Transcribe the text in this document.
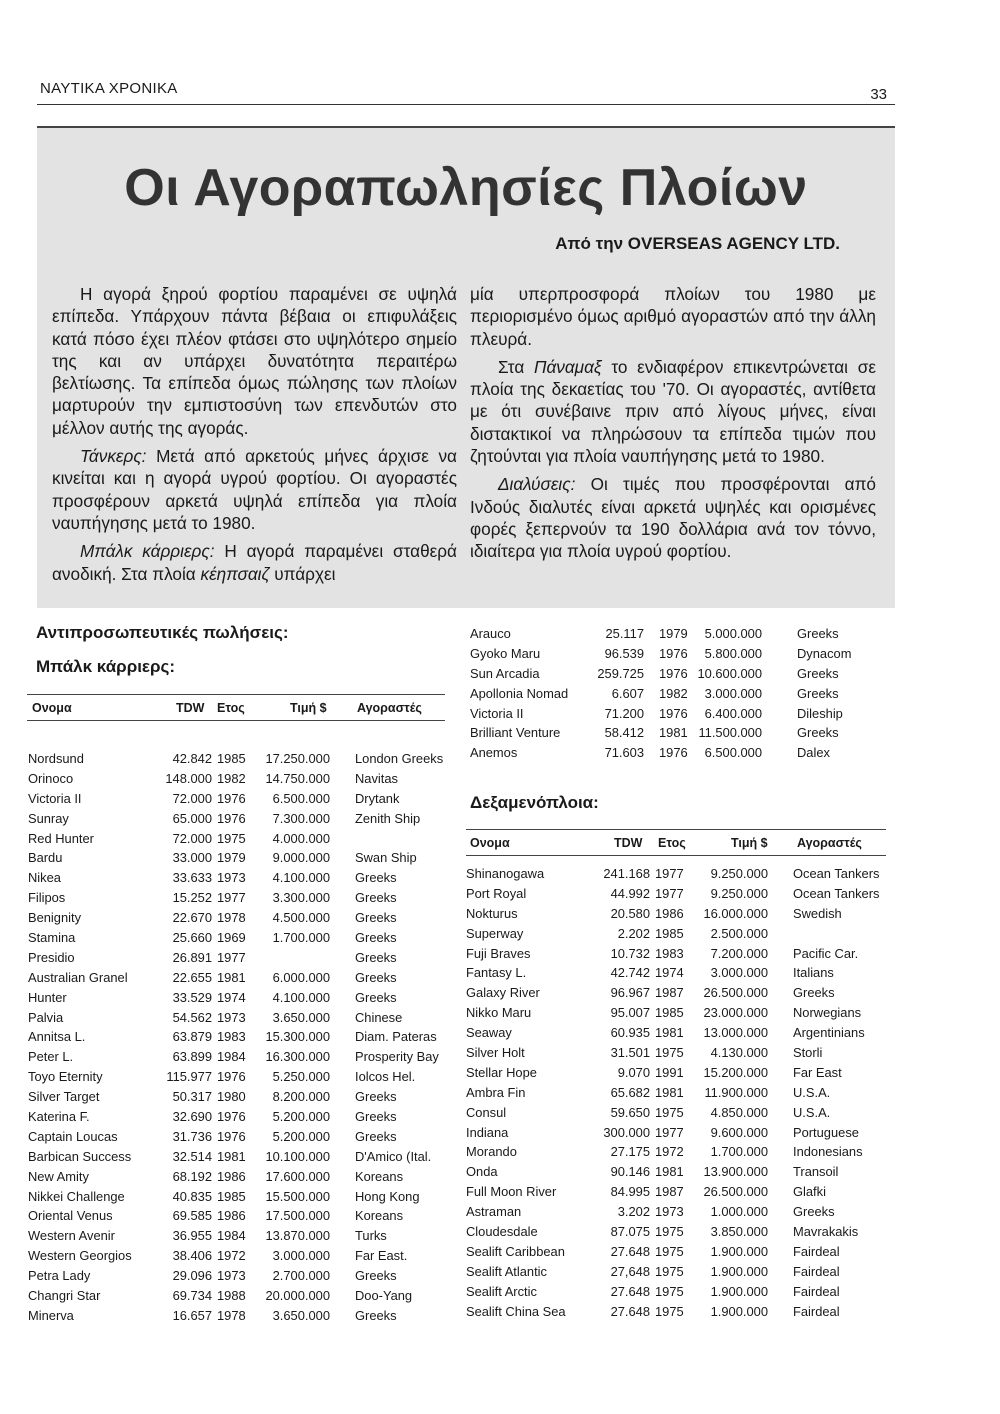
ΝΑΥΤΙΚΑ ΧΡΟΝΙΚΑ	33
Οι Αγοραπωλησίες Πλοίων
Από την OVERSEAS AGENCY LTD.

Η αγορά ξηρού φορτίου παραμένει σε υψηλά επίπεδα. Υπάρχουν πάντα βέβαια οι επιφυλάξεις κατά πόσο έχει πλέον φτάσει στο υψηλότερο σημείο της και αν υπάρχει δυνατότητα περαιτέρω βελτίωσης. Τα επίπεδα όμως πώλησης των πλοίων μαρτυρούν την εμπιστοσύνη των επενδυτών στο μέλλον αυτής της αγοράς.

Τάνκερς: Μετά από αρκετούς μήνες άρχισε να κινείται και η αγορά υγρού φορτίου. Οι αγοραστές προσφέρουν αρκετά υψηλά επίπεδα για πλοία ναυπήγησης μετά το 1980.

Μπάλκ κάρριερς: Η αγορά παραμένει σταθερά ανοδική. Στα πλοία κέηπσαιζ υπάρχει

μία υπερπροσφορά πλοίων του 1980 με περιορισμένο όμως αριθμό αγοραστών από την άλλη πλευρά.

Στα Πάναμαξ το ενδιαφέρον επικεντρώνεται σε πλοία της δεκαετίας του '70. Οι αγοραστές, αντίθετα με ότι συνέβαινε πριν από λίγους μήνες, είναι διστακτικοί να πληρώσουν τα επίπεδα τιμών που ζητούνται για πλοία ναυπήγησης μετά το 1980.

Διαλύσεις: Οι τιμές που προσφέρονται από Ινδούς διαλυτές είναι αρκετά υψηλές και ορισμένες φορές ξεπερνούν τα 190 δολλάρια ανά τον τόννο, ιδιαίτερα για πλοία υγρού φορτίου.

Αντιπροσωπευτικές πωλήσεις:
Μπάλκ κάρριερς:
Ονομα	TDW Ετος	Τιμή $ Αγοραστές
Nordsund	42.842 1985 17.250.000 London Greeks
Orinoco	148.000 1982 14.750.000 Navitas
Victoria II	72.000 1976 6.500.000 Drytank
Sunray	65.000 1976 7.300.000 Zenith Ship
Red Hunter	72.000 1975 4.000.000
Bardu	33.000 1979 9.000.000 Swan Ship
Nikea	33.633 1973 4.100.000 Greeks
Filipos	15.252 1977 3.300.000 Greeks
Benignity	22.670 1978 4.500.000 Greeks
Stamina	25.660 1969 1.700.000 Greeks
Presidio	26.891 1977	Greeks
Australian Granel	22.655 1981 6.000.000 Greeks
Hunter	33.529 1974 4.100.000 Greeks
Palvia	54.562 1973 3.650.000 Chinese
Annitsa L.	63.879 1983 15.300.000 Diam. Pateras
Peter L.	63.899 1984 16.300.000 Prosperity Bay
Toyo Eternity	115.977 1976 5.250.000 Iolcos Hel.
Silver Target	50.317 1980 8.200.000 Greeks
Katerina F.	32.690 1976 5.200.000 Greeks
Captain Loucas	31.736 1976 5.200.000 Greeks
Barbican Success	32.514 1981 10.100.000 D'Amico (Ital.
New Amity	68.192 1986 17.600.000 Koreans
Nikkei Challenge	40.835 1985 15.500.000 Hong Kong
Oriental Venus	69.585 1986 17.500.000 Koreans
Western Avenir	36.955 1984 13.870.000 Turks
Western Georgios	38.406 1972 3.000.000 Far East.
Petra Lady	29.096 1973 2.700.000 Greeks
Changri Star	69.734 1988 20.000.000 Doo-Yang
Minerva	16.657 1978 3.650.000 Greeks
Arauco	25.117 1979 5.000.000	Greeks
Gyoko Maru	96.539 1976 5.800.000	Dynacom
Sun Arcadia	259.725 1976 10.600.000	Greeks
Apollonia Nomad	6.607 1982 3.000.000	Greeks
Victoria II	71.200 1976 6.400.000	Dileship
Brilliant Venture	58.412 1981 11.500.000	Greeks
Anemos	71.603 1976 6.500.000	Dalex
Δεξαμενόπλοια:
Ονομα	TDW Ετος	Τιμή $ Αγοραστές
Shinanogawa	241.168 1977 9.250.000 Ocean Tankers
Port Royal	44.992 1977 9.250.000 Ocean Tankers
Nokturus	20.580 1986 16.000.000 Swedish
Superway	2.202 1985 2.500.000
Fuji Braves	10.732 1983 7.200.000 Pacific Car.
Fantasy L.	42.742 1974 3.000.000 Italians
Galaxy River	96.967 1987 26.500.000 Greeks
Nikko Maru	95.007 1985 23.000.000 Norwegians
Seaway	60.935 1981 13.000.000 Argentinians
Silver Holt	31.501 1975 4.130.000 Storli
Stellar Hope	9.070 1991 15.200.000 Far East
Ambra Fin	65.682 1981 11.900.000 U.S.A.
Consul	59.650 1975 4.850.000 U.S.A.
Indiana	300.000 1977 9.600.000 Portuguese
Morando	27.175 1972 1.700.000 Indonesians
Onda	90.146 1981 13.900.000 Transoil
Full Moon River	84.995 1987 26.500.000 Glafki
Astraman	3.202 1973 1.000.000 Greeks
Cloudesdale	87.075 1975 3.850.000 Mavrakakis
Sealift Caribbean	27.648 1975 1.900.000 Fairdeal
Sealift Atlantic	27,648 1975 1.900.000 Fairdeal
Sealift Arctic	27.648 1975 1.900.000 Fairdeal
Sealift China Sea	27.648 1975 1.900.000 Fairdeal
